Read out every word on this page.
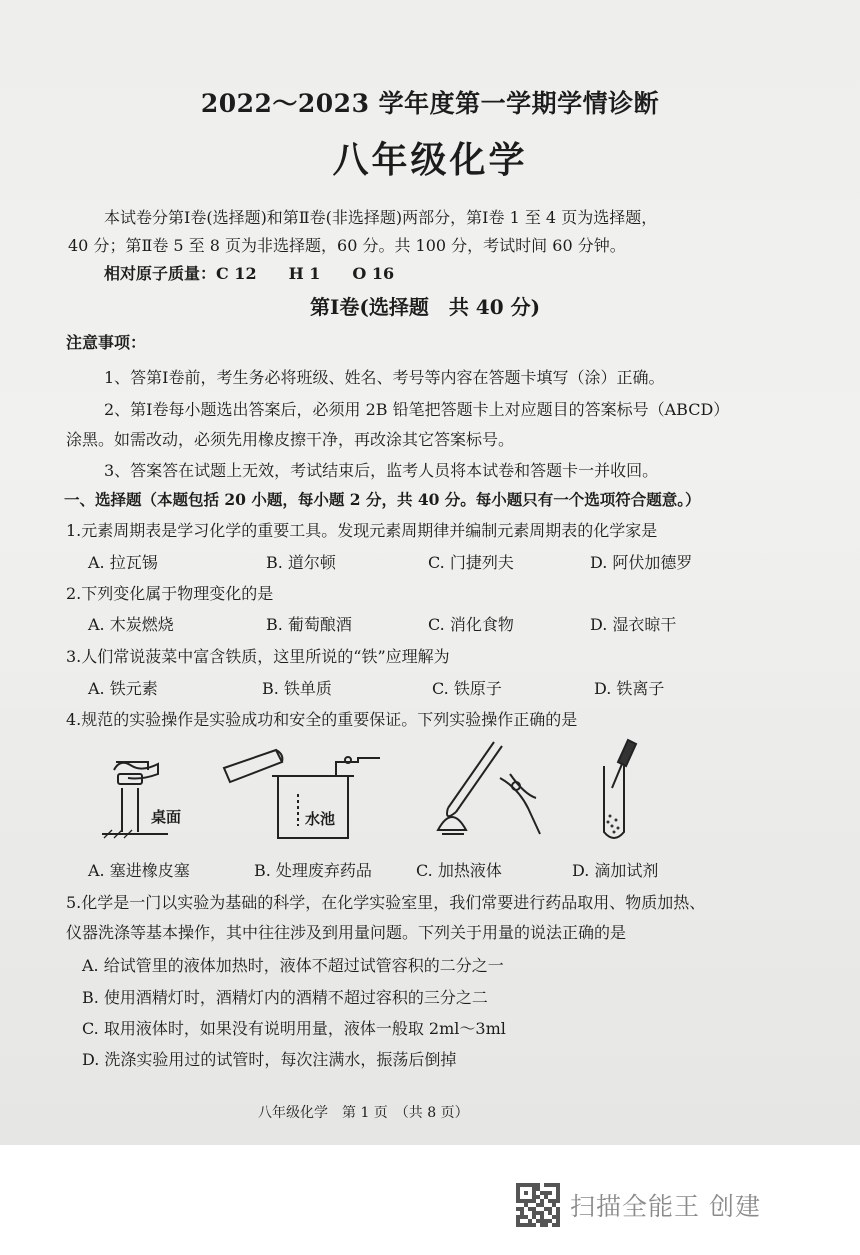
2022～2023 学年度第一学期学情诊断
八年级化学
本试卷分第Ⅰ卷(选择题)和第Ⅱ卷(非选择题)两部分，第Ⅰ卷 1 至 4 页为选择题，
40 分；第Ⅱ卷 5 至 8 页为非选择题，60 分。共 100 分，考试时间 60 分钟。
相对原子质量：C 12　　H 1　　O 16
第Ⅰ卷(选择题　共 40 分)
注意事项：
1、答第Ⅰ卷前，考生务必将班级、姓名、考号等内容在答题卡填写（涂）正确。
2、第Ⅰ卷每小题选出答案后，必须用 2B 铅笔把答题卡上对应题目的答案标号（ABCD）
涂黑。如需改动，必须先用橡皮擦干净，再改涂其它答案标号。
3、答案答在试题上无效，考试结束后，监考人员将本试卷和答题卡一并收回。
一、选择题（本题包括 20 小题，每小题 2 分，共 40 分。每小题只有一个选项符合题意。）
1.元素周期表是学习化学的重要工具。发现元素周期律并编制元素周期表的化学家是
A. 拉瓦锡	B. 道尔顿	C. 门捷列夫	D. 阿伏加德罗
2.下列变化属于物理变化的是
A. 木炭燃烧	B. 葡萄酿酒	C. 消化食物	D. 湿衣晾干
3.人们常说菠菜中富含铁质，这里所说的“铁”应理解为
A. 铁元素	B. 铁单质	C. 铁原子	D. 铁离子
4.规范的实验操作是实验成功和安全的重要保证。下列实验操作正确的是
桌面	水池
A. 塞进橡皮塞	B. 处理废弃药品	C. 加热液体	D. 滴加试剂
5.化学是一门以实验为基础的科学，在化学实验室里，我们常要进行药品取用、物质加热、
仪器洗涤等基本操作，其中往往涉及到用量问题。下列关于用量的说法正确的是
A. 给试管里的液体加热时，液体不超过试管容积的二分之一
B. 使用酒精灯时，酒精灯内的酒精不超过容积的三分之二
C. 取用液体时，如果没有说明用量，液体一般取 2ml～3ml
D. 洗涤实验用过的试管时，每次注满水，振荡后倒掉
八年级化学　第 1 页　（共 8 页）
扫描全能王 创建
